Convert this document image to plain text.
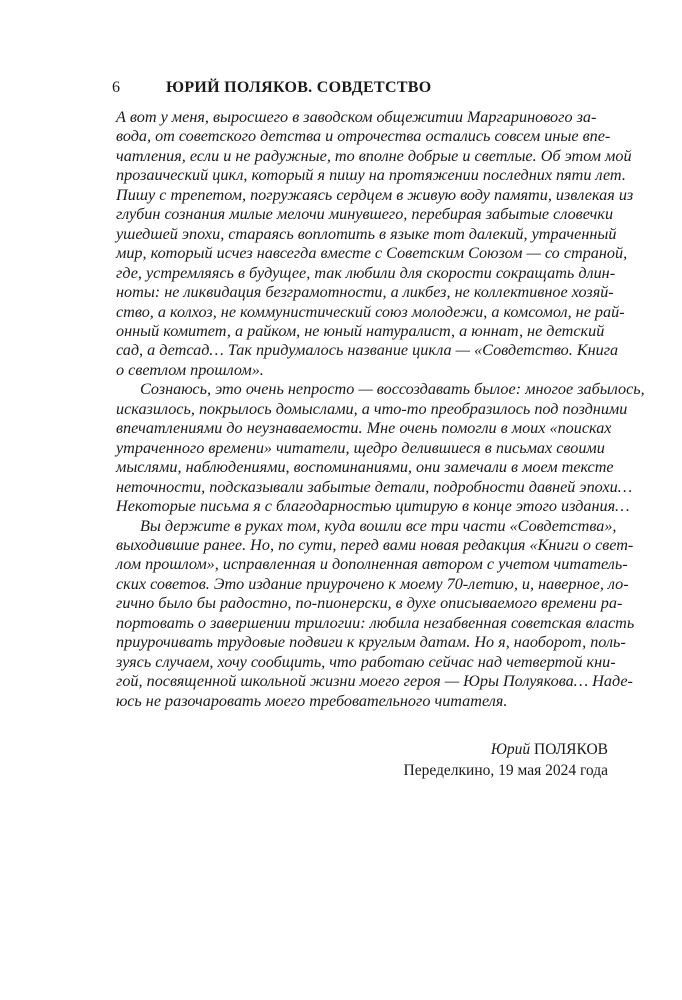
6	ЮРИЙ ПОЛЯКОВ. СОВДЕТСТВО
А вот у меня, выросшего в заводском общежитии Маргаринового за-
вода, от советского детства и отрочества остались совсем иные впе-
чатления, если и не радужные, то вполне добрые и светлые. Об этом мой
прозаический цикл, который я пишу на протяжении последних пяти лет.
Пишу с трепетом, погружаясь сердцем в живую воду памяти, извлекая из
глубин сознания милые мелочи минувшего, перебирая забытые словечки
ушедшей эпохи, стараясь воплотить в языке тот далекий, утраченный
мир, который исчез навсегда вместе с Советским Союзом — со страной,
где, устремляясь в будущее, так любили для скорости сокращать длин-
ноты: не ликвидация безграмотности, а ликбез, не коллективное хозяй-
ство, а колхоз, не коммунистический союз молодежи, а комсомол, не рай-
онный комитет, а райком, не юный натуралист, а юннат, не детский
сад, а детсад… Так придумалось название цикла — «Совдетство. Книга
о светлом прошлом».
Сознаюсь, это очень непросто — воссоздавать былое: многое забылось,
исказилось, покрылось домыслами, а что-то преобразилось под поздними
впечатлениями до неузнаваемости. Мне очень помогли в моих «поисках
утраченного времени» читатели, щедро делившиеся в письмах своими
мыслями, наблюдениями, воспоминаниями, они замечали в моем тексте
неточности, подсказывали забытые детали, подробности давней эпохи…
Некоторые письма я с благодарностью цитирую в конце этого издания…
Вы держите в руках том, куда вошли все три части «Совдетства»,
выходившие ранее. Но, по сути, перед вами новая редакция «Книги о свет-
лом прошлом», исправленная и дополненная автором с учетом читатель-
ских советов. Это издание приурочено к моему 70-летию, и, наверное, ло-
гично было бы радостно, по-пионерски, в духе описываемого времени ра-
портовать о завершении трилогии: любила незабвенная советская власть
приурочивать трудовые подвиги к круглым датам. Но я, наоборот, поль-
зуясь случаем, хочу сообщить, что работаю сейчас над четвертой кни-
гой, посвященной школьной жизни моего героя — Юры Полуякова… Наде-
юсь не разочаровать моего требовательного читателя.
Юрий ПОЛЯКОВ
Переделкино, 19 мая 2024 года
